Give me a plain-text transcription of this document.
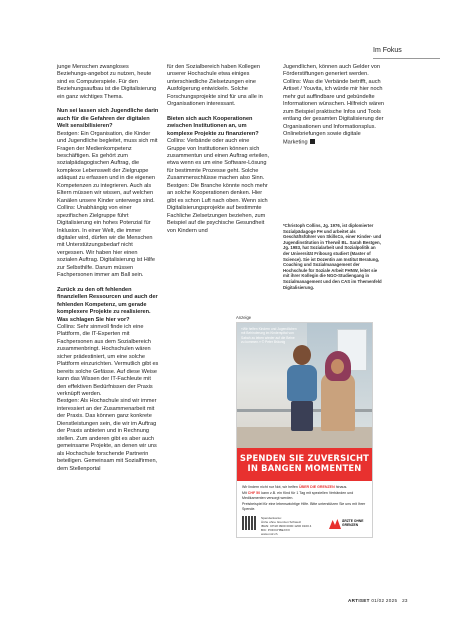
Im Fokus

junge Menschen zwangloses Beziehungs-angebot zu nutzen, heute sind es Computerspiele. Für den Beziehungsaufbau ist die Digitalisierung ein ganz wichtiges Thema.

Nun sei lassen sich Jugendliche darin auch für die Gefahren der digitalen Welt sensibilisieren?

Bestgen: Ein Organisation, die Kinder und Jugendliche begleitet, muss sich mit Fragen der Medienkompetenz beschäftigen. Es gehört zum sozialpädagogischen Auftrag, die komplexe Lebenswelt der Zielgruppe adäquat zu erfassen und in die eigenen Kompetenzen zu integrieren. Auch als Eltern müssen wir wissen, auf welchen Kanälen unsere Kinder unterwegs sind.

Collins: Unabhängig von einer spezifischen Zielgruppe führt Digitalisierung ein hohes Potenzial für Inklusion. In einer Welt, die immer digitaler wird, dürfen wir die Menschen mit Unterstützungsbedarf nicht vergessen. Wir haben hier einen sozialen Auftrag. Digitalisierung ist Hilfe zur Selbsthilfe. Darum müssen Fachpersonen immer am Ball sein.

Zurück zu den oft fehlenden finanziellen Ressourcen und auch der fehlenden Kompetenz, um gerade komplexere Projekte zu realisieren. Was schlagen Sie hier vor?

Collins: Sehr sinnvoll finde ich eine Plattform, die IT-Experten mit Fachpersonen aus dem Sozialbereich zusammenbringt. Hochschulen wären sicher prädestiniert, um eine solche Plattform einzurichten. Vermutlich gibt es bereits solche Gefässe. Auf diese Weise kann das Wissen der IT-Fachleute mit den effektiven Bedürfnissen der Praxis verknüpft werden.

Bestgen: Als Hochschule sind wir immer interessiert an der Zusammenarbeit mit der Praxis. Das können ganz konkrete Dienstleistungen sein, die wir im Auftrag der Praxis anbieten und in Rechnung stellen. Zum anderen gibt es aber auch gemeinsame Projekte, an denen wir uns als Hochschule forschende Partnerin beteiligen. Gemeinsam mit Sozialfirmen, dem Stellenportal

für den Sozialbereich haben Kollegen unserer Hochschule etwa einiges unterschiedliche Zielsetzungen eine Ausfolgerung entwickeln. Solche Forschungsprojekte sind für uns alle in Organisationen interessant.

Bieten sich auch Kooperationen zwischen Institutionen an, um komplexe Projekte zu finanzieren?

Collins: Verbände oder auch eine Gruppe von Institutionen können sich zusammentun und einen Auftrag erteilen, etwa wenn es um eine Software-Lösung für bestimmte Prozesse geht. Solche Zusammenschlüsse machen also Sinn.

Bestgen: Die Branche könnte noch mehr an solche Kooperationen denken. Hier gibt es schon Luft nach oben. Wenn sich Digitalisierungsprojekte auf bestimmte Fachliche Zielsetzungen beziehen, zum Beispiel auf die psychische Gesundheit von Kindern und

Jugendlichen, können auch Gelder von Förderstiftungen generiert werden.

Collins: Was die Verbände betrifft, auch Artiset / Youvita, ich würde mir hier noch mehr gut auffindbare und gebündelte Informationen wünschen. Hilfreich wären zum Beispiel praktische Infos und Tools entlang der gesamten Digitalisierung der Organisationen und Informationsplus. Onlinebriefungen sowie digitale Marketing

*Christoph Collins, Jg. 1976, ist diplomierter Sozialpädagoge FH und arbeitet als Geschäftsführer von SkillsCo, einer Kinder- und Jugendinstitution in Therwil BL. Sarah Bestgen, Jg. 1983, hat Sozialarbeit und Sozialpolitik an der Universität Fribourg studiert (Master of Science). Sie ist Dozentin am Institut Beratung, Coaching und Sozialmanagement der Hochschule für Soziale Arbeit FHNW, leitet sie mit ihrer Kollegin die NGO-Studiengang in Sozialmanagement und den CAS im Themenfeld Digitalisierung.
Anzeige
«Wir helfen Kindern und Jugendlichen mit Behinderung im Kinderspital von Sabah zu leben wieder auf die Beine zu kommen.» © Peter Bräunig
SPENDEN SIE ZUVERSICHT
IN BANGEN MOMENTEN

Wir lindern nicht nur Not, wir helfen ÜBER DIE GRENZEN hinaus.

Mit CHF 50 kann z.B. ein Kind für 1 Tag mit speziellen Verbänden und Medikamenten versorgt werden.

Preisbeispiel für eine lebenswichtige Hilfe. Bitte unterstützen Sie uns mit Ihrer Spende.

Spendenkonto:
Ärzte ohne Grenzen Schweiz
IBAN: CH18 0900 0000 1200 0100 4
BIC: POFICHBEXXX
www.msf.ch
ÄRZTE OHNE GRENZEN
ARTISET 01/02 2025 23
